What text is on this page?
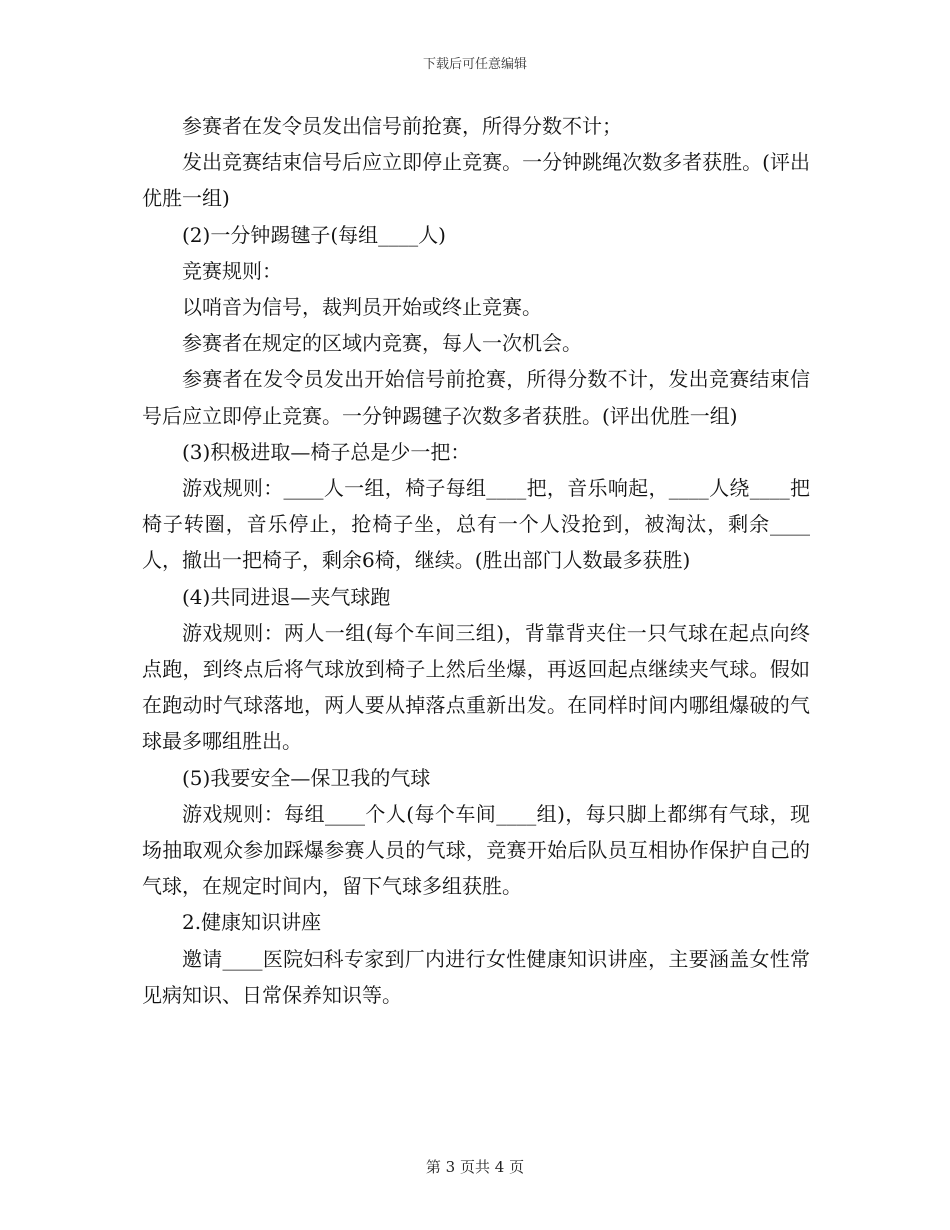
下载后可任意编辑

参赛者在发令员发出信号前抢赛，所得分数不计；

发出竞赛结束信号后应立即停止竞赛。一分钟跳绳次数多者获胜。(评出优胜一组)

(2)一分钟踢毽子(每组____人)

竞赛规则：

以哨音为信号，裁判员开始或终止竞赛。

参赛者在规定的区域内竞赛，每人一次机会。

参赛者在发令员发出开始信号前抢赛，所得分数不计，发出竞赛结束信号后应立即停止竞赛。一分钟踢毽子次数多者获胜。(评出优胜一组)

(3)积极进取—椅子总是少一把：

游戏规则：____人一组，椅子每组____把，音乐响起，____人绕____把椅子转圈，音乐停止，抢椅子坐，总有一个人没抢到，被淘汰，剩余____人，撤出一把椅子，剩余6椅，继续。(胜出部门人数最多获胜)

(4)共同进退—夹气球跑

游戏规则：两人一组(每个车间三组)，背靠背夹住一只气球在起点向终点跑，到终点后将气球放到椅子上然后坐爆，再返回起点继续夹气球。假如在跑动时气球落地，两人要从掉落点重新出发。在同样时间内哪组爆破的气球最多哪组胜出。

(5)我要安全—保卫我的气球

游戏规则：每组____个人(每个车间____组)，每只脚上都绑有气球，现场抽取观众参加踩爆参赛人员的气球，竞赛开始后队员互相协作保护自己的气球，在规定时间内，留下气球多组获胜。

2.健康知识讲座

邀请____医院妇科专家到厂内进行女性健康知识讲座，主要涵盖女性常见病知识、日常保养知识等。

第 3 页共 4 页
